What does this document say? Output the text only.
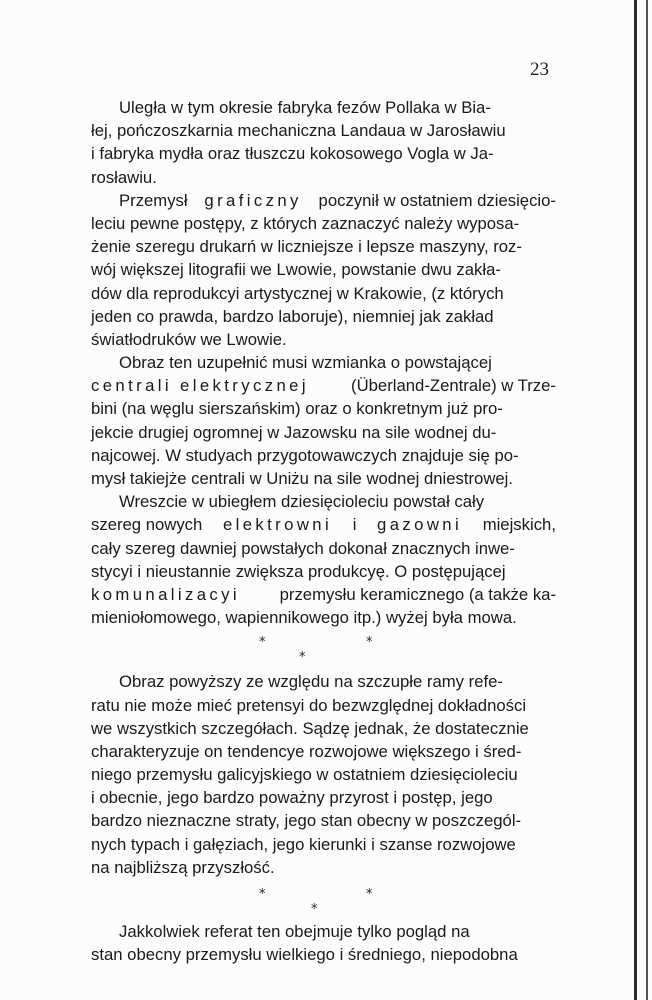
23
Uległa w tym okresie fabryka fezów Pollaka w Bia-
łej, pończoszkarnia mechaniczna Landaua w Jarosławiu
i fabryka mydła oraz tłuszczu kokosowego Vogla w Ja-
rosławiu.
Przemysł graficzny poczynił w ostatniem dziesięcio-
leciu pewne postępy, z których zaznaczyć należy wyposa-
żenie szeregu drukarń w liczniejsze i lepsze maszyny, roz-
wój większej litografii we Lwowie, powstanie dwu zakła-
dów dla reprodukcyi artystycznej w Krakowie, (z których
jeden co prawda, bardzo laboruje), niemniej jak zakład
światłodruków we Lwowie.
Obraz ten uzupełnić musi wzmianka o powstającej
centrali elektrycznej	(Überland-Zentrale) w Trze-
bini (na węglu sierszańskim) oraz o konkretnym już pro-
jekcie drugiej ogromnej w Jazowsku na sile wodnej du-
najcowej. W studyach przygotowawczych znajduje się po-
mysł takiejże centrali w Uniżu na sile wodnej dniestrowej.
Wreszcie w ubiegłem dziesięcioleciu powstał cały
szereg nowych elektrowni i gazowni miejskich,
cały szereg dawniej powstałych dokonał znacznych inwe-
stycyi i nieustannie zwiększa produkcyę. O postępującej
komunalizacyi przemysłu keramicznego (a także ka-
mieniołomowego, wapiennikowego itp.) wyżej była mowa.
*	*
*
Obraz powyższy ze względu na szczupłe ramy refe-
ratu nie może mieć pretensyi do bezwzględnej dokładności
we wszystkich szczegółach. Sądzę jednak, że dostatecznie
charakteryzuje on tendencye rozwojowe większego i śred-
niego przemysłu galicyjskiego w ostatniem dziesięcioleciu
i obecnie, jego bardzo poważny przyrost i postęp, jego
bardzo nieznaczne straty, jego stan obecny w poszczegól-
nych typach i gałęziach, jego kierunki i szanse rozwojowe
na najbliższą przyszłość.
*	*
*
Jakkolwiek referat ten obejmuje tylko pogląd na
stan obecny przemysłu wielkiego i średniego, niepodobna
